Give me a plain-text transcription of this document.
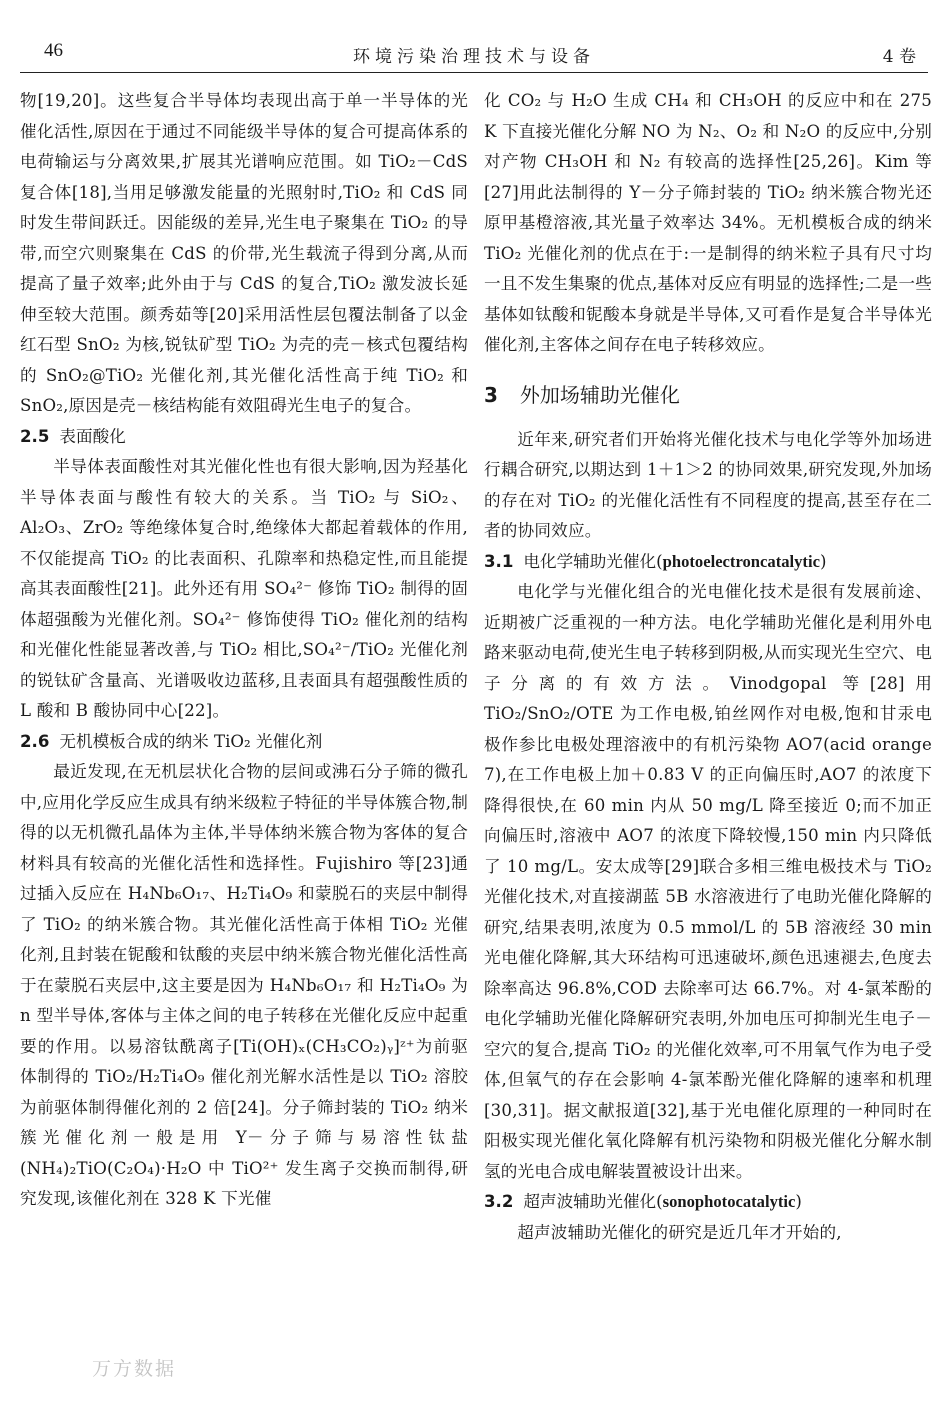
46	环境污染治理技术与设备	4 卷

物[19,20]。这些复合半导体均表现出高于单一半导体的光催化活性,原因在于通过不同能级半导体的复合可提高体系的电荷输运与分离效果,扩展其光谱响应范围。如 TiO₂－CdS 复合体[18],当用足够激发能量的光照射时,TiO₂ 和 CdS 同时发生带间跃迁。因能级的差异,光生电子聚集在 TiO₂ 的导带,而空穴则聚集在 CdS 的价带,光生载流子得到分离,从而提高了量子效率;此外由于与 CdS 的复合,TiO₂ 激发波长延伸至较大范围。颜秀茹等[20]采用活性层包覆法制备了以金红石型 SnO₂ 为核,锐钛矿型 TiO₂ 为壳的壳－核式包覆结构的 SnO₂@TiO₂ 光催化剂,其光催化活性高于纯 TiO₂ 和 SnO₂,原因是壳－核结构能有效阻碍光生电子的复合。

2.5 表面酸化

半导体表面酸性对其光催化性也有很大影响,因为羟基化半导体表面与酸性有较大的关系。当 TiO₂ 与 SiO₂、Al₂O₃、ZrO₂ 等绝缘体复合时,绝缘体大都起着载体的作用,不仅能提高 TiO₂ 的比表面积、孔隙率和热稳定性,而且能提高其表面酸性[21]。此外还有用 SO₄²⁻ 修饰 TiO₂ 制得的固体超强酸为光催化剂。SO₄²⁻ 修饰使得 TiO₂ 催化剂的结构和光催化性能显著改善,与 TiO₂ 相比,SO₄²⁻/TiO₂ 光催化剂的锐钛矿含量高、光谱吸收边蓝移,且表面具有超强酸性质的 L 酸和 B 酸协同中心[22]。

2.6 无机模板合成的纳米 TiO₂ 光催化剂

最近发现,在无机层状化合物的层间或沸石分子筛的微孔中,应用化学反应生成具有纳米级粒子特征的半导体簇合物,制得的以无机微孔晶体为主体,半导体纳米簇合物为客体的复合材料具有较高的光催化活性和选择性。Fujishiro 等[23]通过插入反应在 H₄Nb₆O₁₇、H₂Ti₄O₉ 和蒙脱石的夹层中制得了 TiO₂ 的纳米簇合物。其光催化活性高于体相 TiO₂ 光催化剂,且封装在铌酸和钛酸的夹层中纳米簇合物光催化活性高于在蒙脱石夹层中,这主要是因为 H₄Nb₆O₁₇ 和 H₂Ti₄O₉ 为 n 型半导体,客体与主体之间的电子转移在光催化反应中起重要的作用。以易溶钛酰离子[Ti(OH)ₓ(CH₃CO₂)ᵧ]ᶻ⁺为前驱体制得的 TiO₂/H₂Ti₄O₉ 催化剂光解水活性是以 TiO₂ 溶胶为前驱体制得催化剂的 2 倍[24]。分子筛封装的 TiO₂ 纳米簇光催化剂一般是用 Y－分子筛与易溶性钛盐(NH₄)₂TiO(C₂O₄)·H₂O 中 TiO²⁺ 发生离子交换而制得,研究发现,该催化剂在 328 K 下光催

化 CO₂ 与 H₂O 生成 CH₄ 和 CH₃OH 的反应中和在 275 K 下直接光催化分解 NO 为 N₂、O₂ 和 N₂O 的反应中,分别对产物 CH₃OH 和 N₂ 有较高的选择性[25,26]。Kim 等[27]用此法制得的 Y－分子筛封装的 TiO₂ 纳米簇合物光还原甲基橙溶液,其光量子效率达 34%。无机模板合成的纳米 TiO₂ 光催化剂的优点在于:一是制得的纳米粒子具有尺寸均一且不发生集聚的优点,基体对反应有明显的选择性;二是一些基体如钛酸和铌酸本身就是半导体,又可看作是复合半导体光催化剂,主客体之间存在电子转移效应。

3 外加场辅助光催化

近年来,研究者们开始将光催化技术与电化学等外加场进行耦合研究,以期达到 1＋1＞2 的协同效果,研究发现,外加场的存在对 TiO₂ 的光催化活性有不同程度的提高,甚至存在二者的协同效应。

3.1 电化学辅助光催化(photoelectroncatalytic)

电化学与光催化组合的光电催化技术是很有发展前途、近期被广泛重视的一种方法。电化学辅助光催化是利用外电路来驱动电荷,使光生电子转移到阴极,从而实现光生空穴、电子分离的有效方法。Vinodgopal 等[28]用 TiO₂/SnO₂/OTE 为工作电极,铂丝网作对电极,饱和甘汞电极作参比电极处理溶液中的有机污染物 AO7(acid orange 7),在工作电极上加＋0.83 V 的正向偏压时,AO7 的浓度下降得很快,在 60 min 内从 50 mg/L 降至接近 0;而不加正向偏压时,溶液中 AO7 的浓度下降较慢,150 min 内只降低了 10 mg/L。安太成等[29]联合多相三维电极技术与 TiO₂ 光催化技术,对直接湖蓝 5B 水溶液进行了电助光催化降解的研究,结果表明,浓度为 0.5 mmol/L 的 5B 溶液经 30 min 光电催化降解,其大环结构可迅速破坏,颜色迅速褪去,色度去除率高达 96.8%,COD 去除率可达 66.7%。对 4-氯苯酚的电化学辅助光催化降解研究表明,外加电压可抑制光生电子－空穴的复合,提高 TiO₂ 的光催化效率,可不用氧气作为电子受体,但氧气的存在会影响 4-氯苯酚光催化降解的速率和机理[30,31]。据文献报道[32],基于光电催化原理的一种同时在阳极实现光催化氧化降解有机污染物和阴极光催化分解水制氢的光电合成电解装置被设计出来。

3.2 超声波辅助光催化(sonophotocatalytic)

超声波辅助光催化的研究是近几年才开始的,

万方数据
